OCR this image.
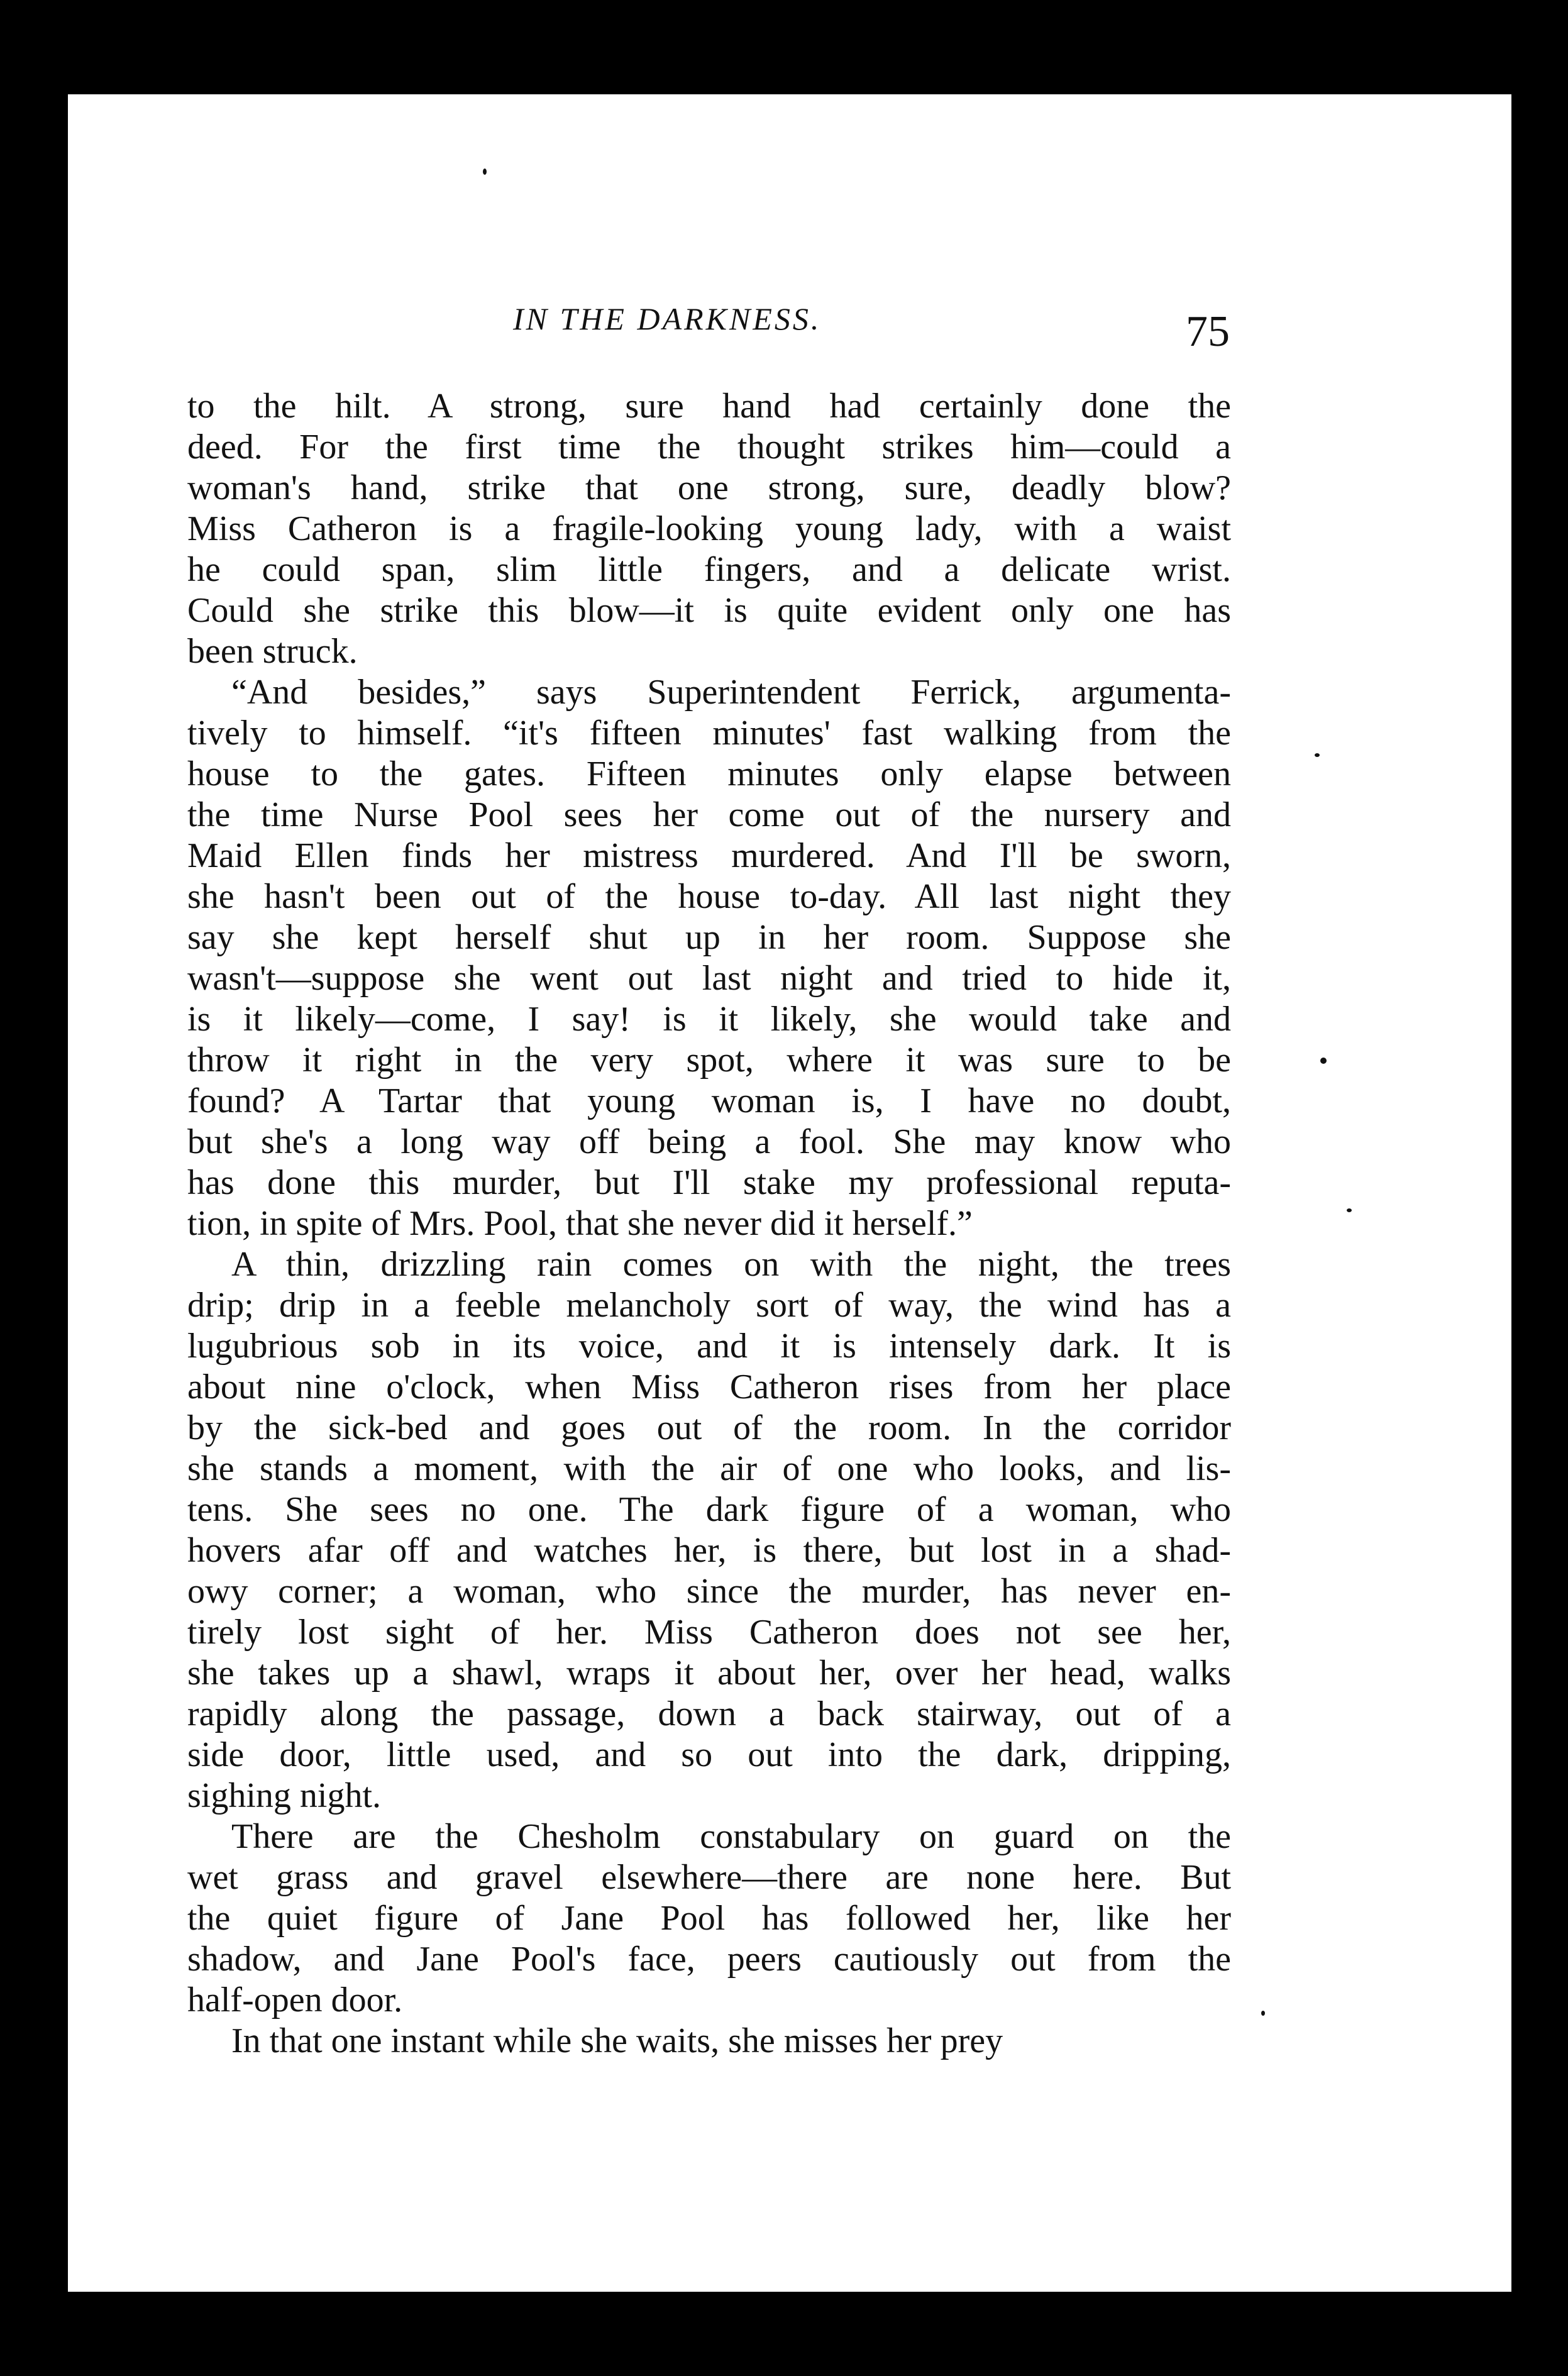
IN THE DARKNESS.	75

to the hilt. A strong, sure hand had certainly done the
deed. For the first time the thought strikes him—could a
woman's hand, strike that one strong, sure, deadly blow?
Miss Catheron is a fragile-looking young lady, with a waist
he could span, slim little fingers, and a delicate wrist.
Could she strike this blow—it is quite evident only one has
been struck.

“And besides,” says Superintendent Ferrick, argumenta-
tively to himself. “it's fifteen minutes' fast walking from the
house to the gates. Fifteen minutes only elapse between
the time Nurse Pool sees her come out of the nursery and
Maid Ellen finds her mistress murdered. And I'll be sworn,
she hasn't been out of the house to-day. All last night they
say she kept herself shut up in her room. Suppose she
wasn't—suppose she went out last night and tried to hide it,
is it likely—come, I say! is it likely, she would take and
throw it right in the very spot, where it was sure to be
found? A Tartar that young woman is, I have no doubt,
but she's a long way off being a fool. She may know who
has done this murder, but I'll stake my professional reputa-
tion, in spite of Mrs. Pool, that she never did it herself.”

A thin, drizzling rain comes on with the night, the trees
drip; drip in a feeble melancholy sort of way, the wind has a
lugubrious sob in its voice, and it is intensely dark. It is
about nine o'clock, when Miss Catheron rises from her place
by the sick-bed and goes out of the room. In the corridor
she stands a moment, with the air of one who looks, and lis-
tens. She sees no one. The dark figure of a woman, who
hovers afar off and watches her, is there, but lost in a shad-
owy corner; a woman, who since the murder, has never en-
tirely lost sight of her. Miss Catheron does not see her,
she takes up a shawl, wraps it about her, over her head, walks
rapidly along the passage, down a back stairway, out of a
side door, little used, and so out into the dark, dripping,
sighing night.

There are the Chesholm constabulary on guard on the
wet grass and gravel elsewhere—there are none here. But
the quiet figure of Jane Pool has followed her, like her
shadow, and Jane Pool's face, peers cautiously out from the
half-open door.

In that one instant while she waits, she misses her prey
